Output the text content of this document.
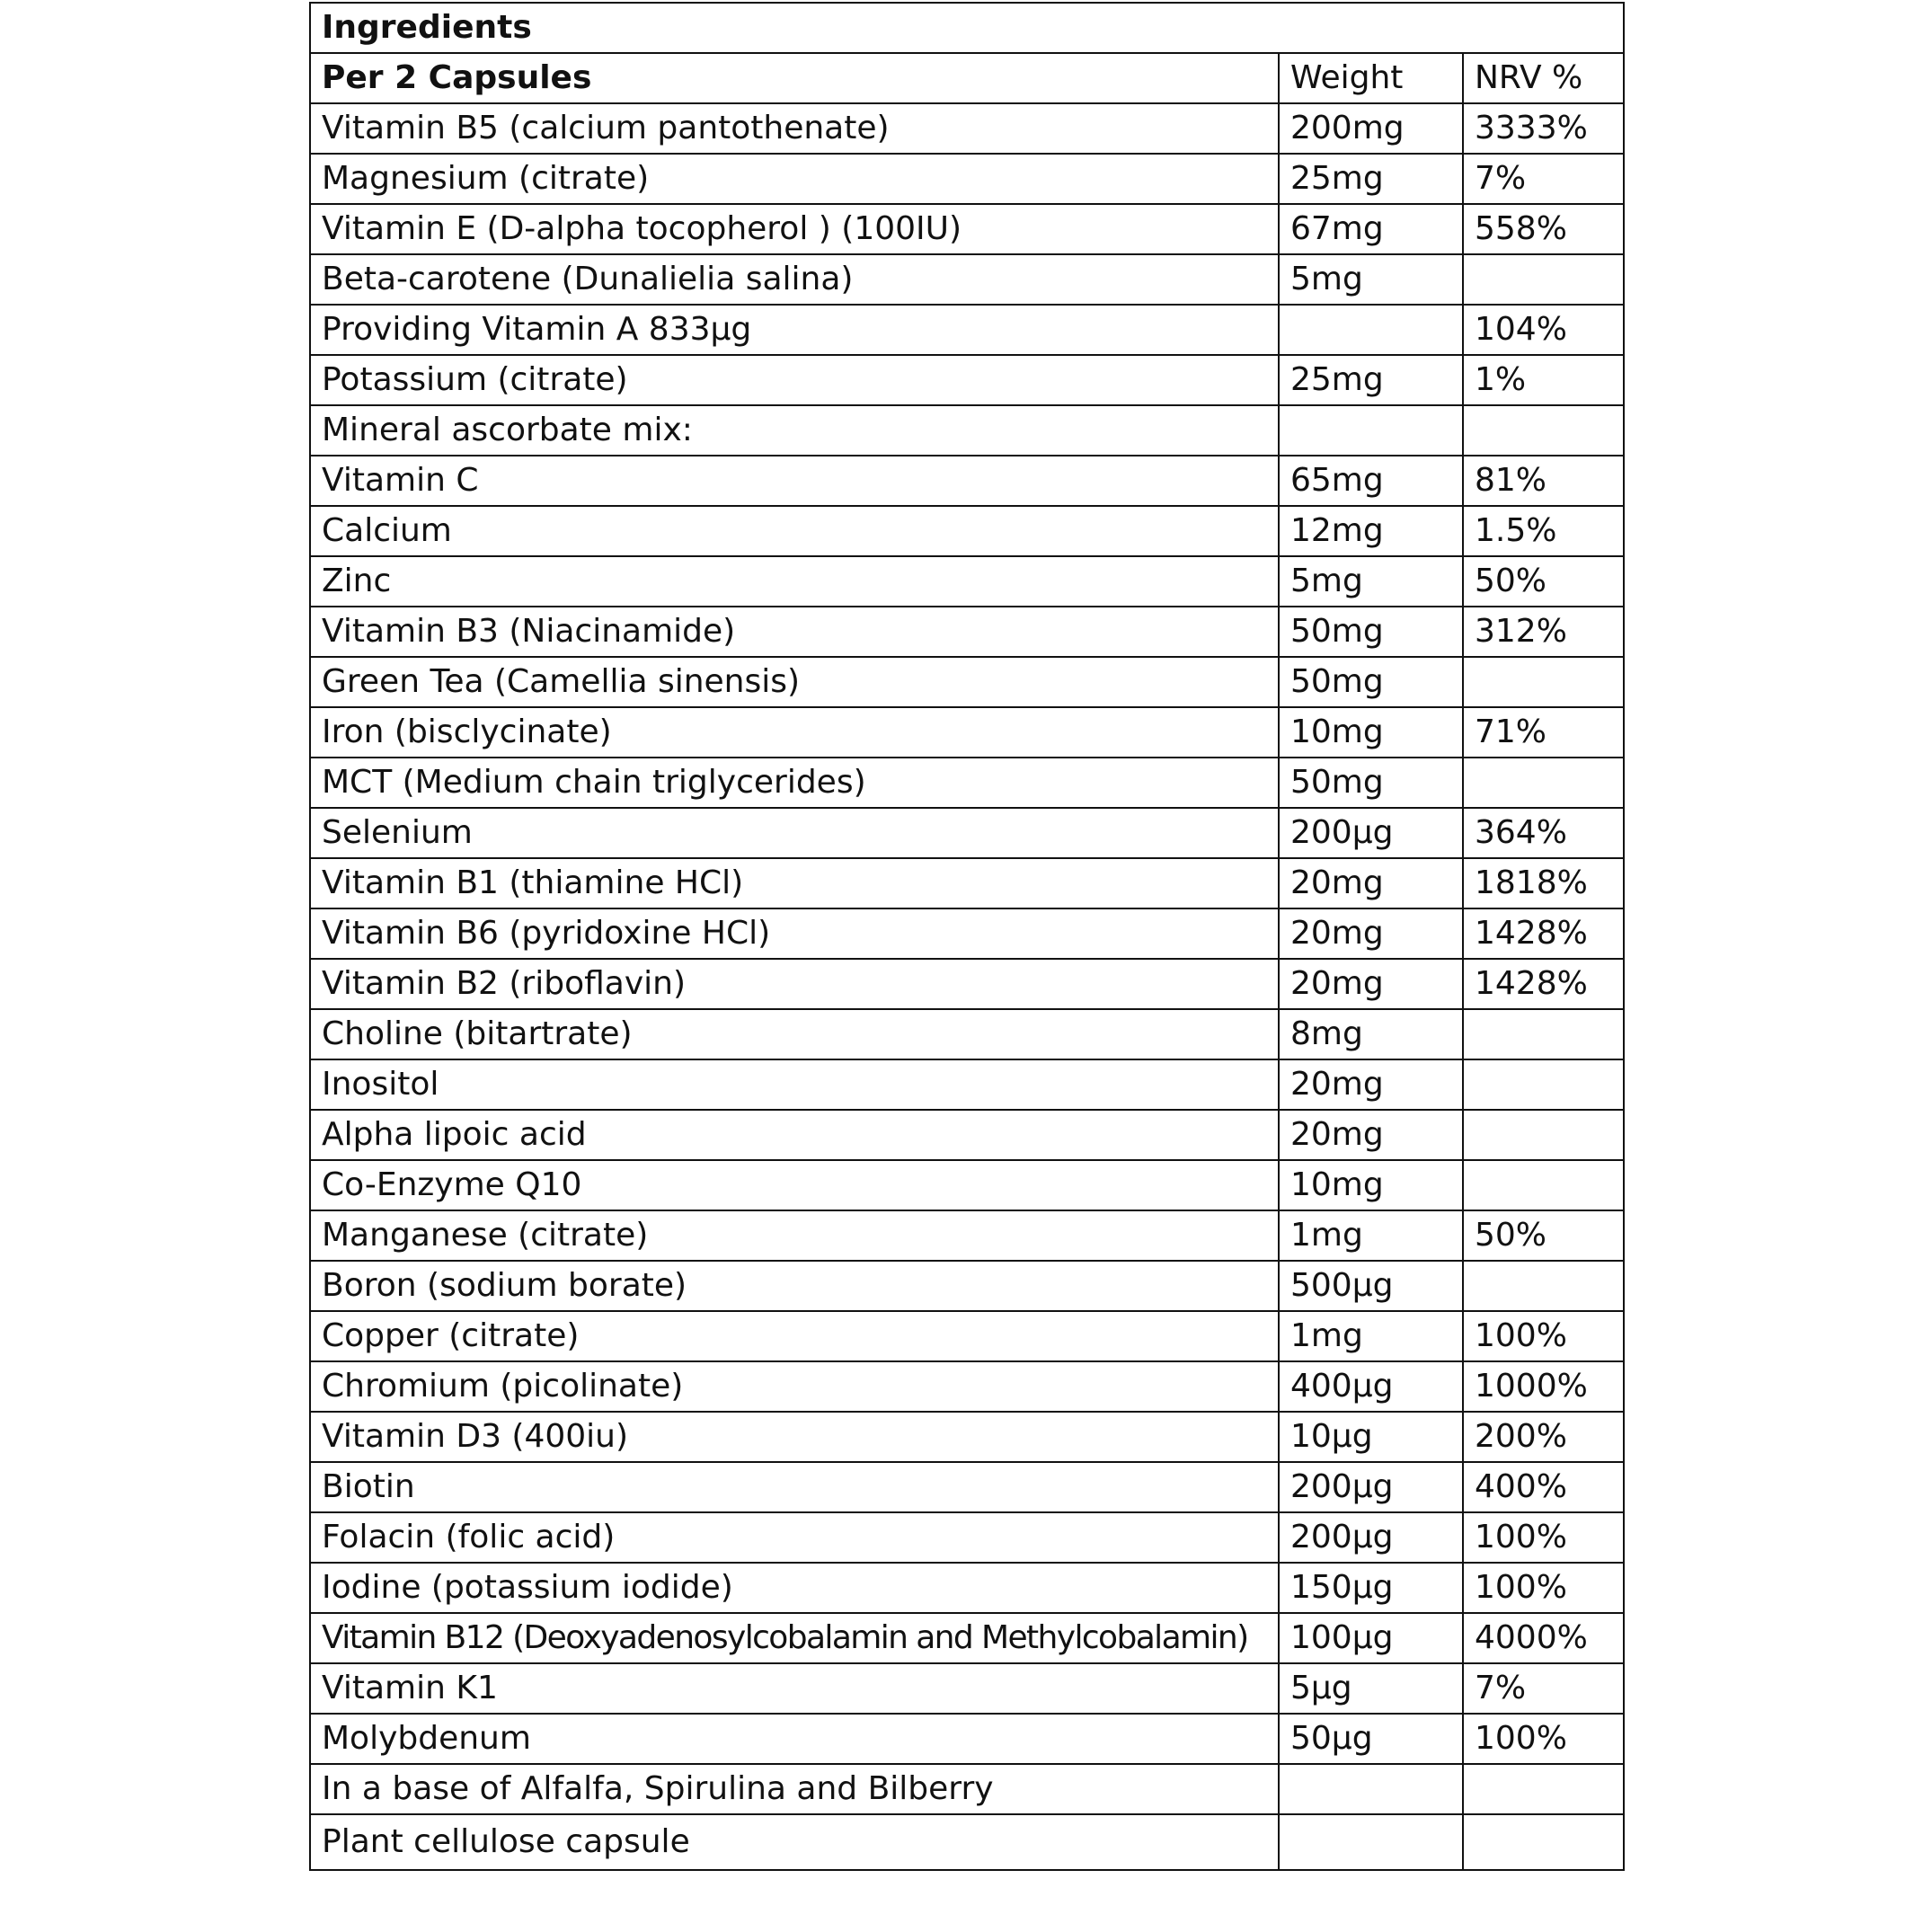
Ingredients		
Per 2 Capsules	Weight	NRV %
Vitamin B5 (calcium pantothenate)	200mg	3333%
Magnesium (citrate)	25mg	7%
Vitamin E (D-alpha tocopherol ) (100IU)	67mg	558%
Beta-carotene (Dunalielia salina)	5mg	
Providing Vitamin A 833µg		104%
Potassium (citrate)	25mg	1%
Mineral ascorbate mix:		
Vitamin C	65mg	81%
Calcium	12mg	1.5%
Zinc	5mg	50%
Vitamin B3 (Niacinamide)	50mg	312%
Green Tea (Camellia sinensis)	50mg	
Iron (bisclycinate)	10mg	71%
MCT (Medium chain triglycerides)	50mg	
Selenium	200µg	364%
Vitamin B1 (thiamine HCl)	20mg	1818%
Vitamin B6 (pyridoxine HCl)	20mg	1428%
Vitamin B2 (riboflavin)	20mg	1428%
Choline (bitartrate)	8mg	
Inositol	20mg	
Alpha lipoic acid	20mg	
Co-Enzyme Q10	10mg	
Manganese (citrate)	1mg	50%
Boron (sodium borate)	500µg	
Copper (citrate)	1mg	100%
Chromium (picolinate)	400µg	1000%
Vitamin D3 (400iu)	10µg	200%
Biotin	200µg	400%
Folacin (folic acid)	200µg	100%
Iodine (potassium iodide)	150µg	100%
Vitamin B12 (Deoxyadenosylcobalamin and Methylcobalamin)	100µg	4000%
Vitamin K1	5µg	7%
Molybdenum	50µg	100%
In a base of Alfalfa, Spirulina and Bilberry		
Plant cellulose capsule		
